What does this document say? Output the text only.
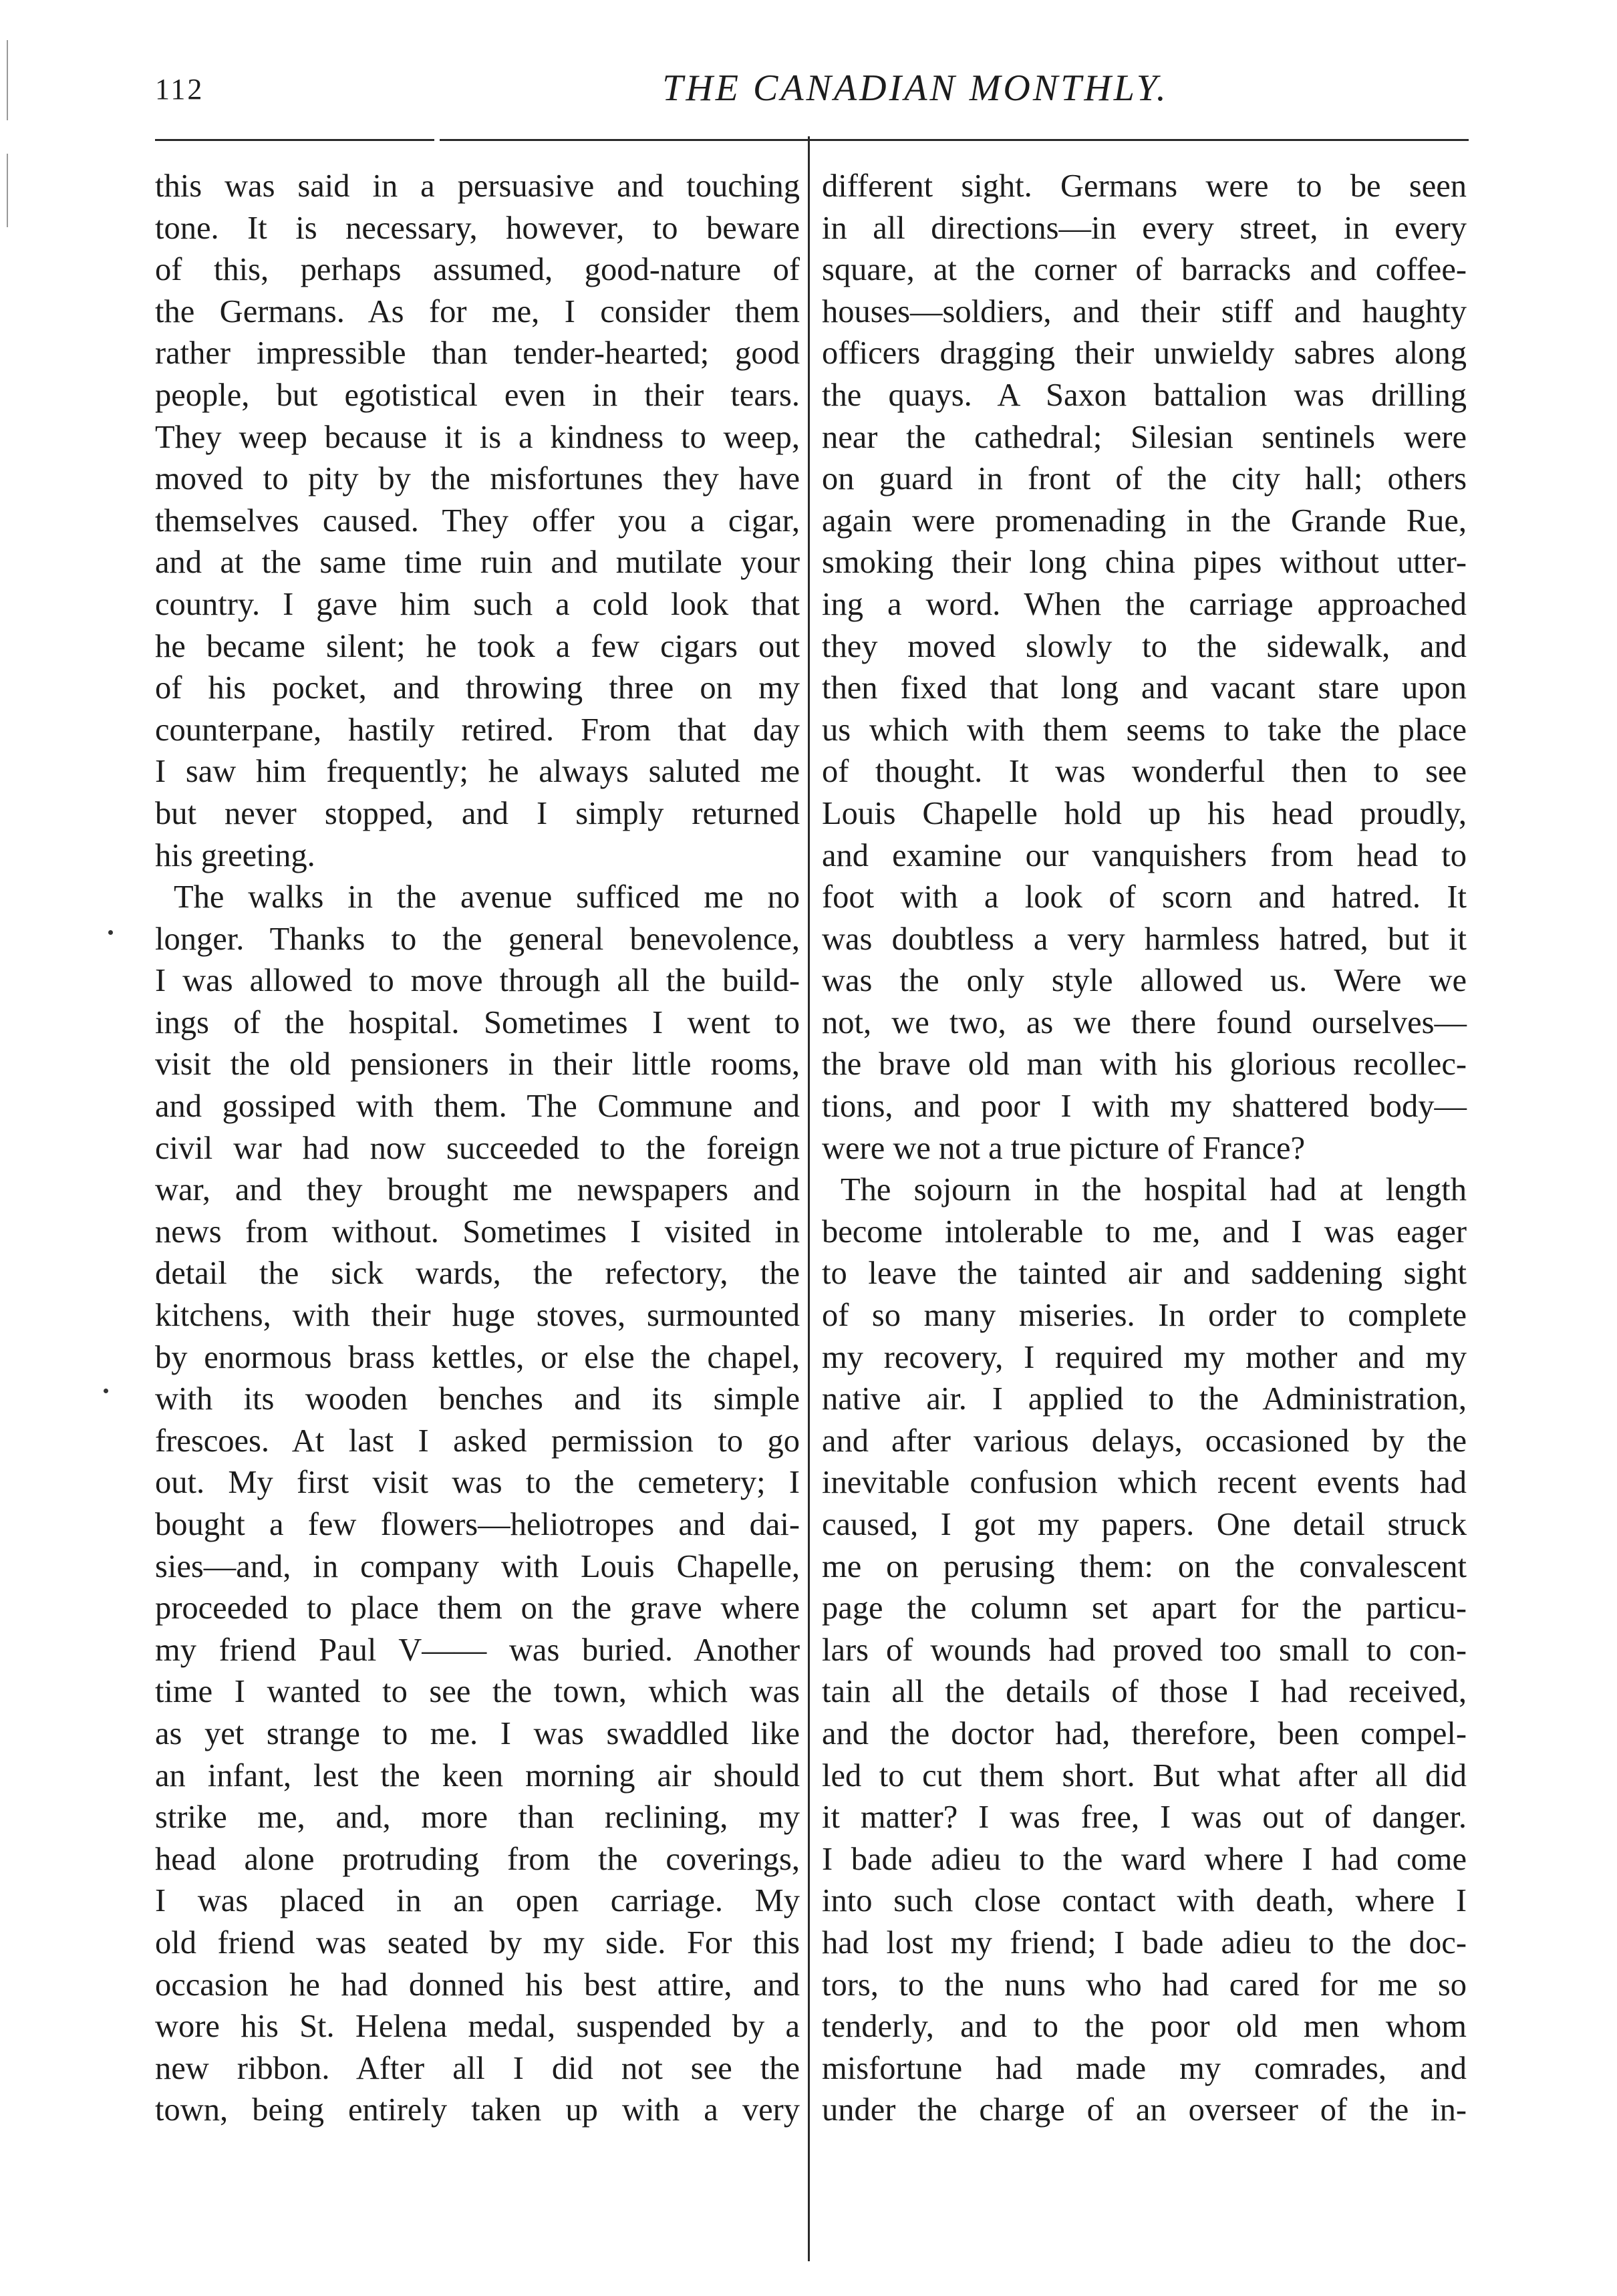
112	THE CANADIAN MONTHLY.
this was said in a persuasive and touching
tone. It is necessary, however, to beware
of this, perhaps assumed, good-nature of
the Germans. As for me, I consider them
rather impressible than tender-hearted; good
people, but egotistical even in their tears.
They weep because it is a kindness to weep,
moved to pity by the misfortunes they have
themselves caused. They offer you a cigar,
and at the same time ruin and mutilate your
country. I gave him such a cold look that
he became silent; he took a few cigars out
of his pocket, and throwing three on my
counterpane, hastily retired. From that day
I saw him frequently; he always saluted me
but never stopped, and I simply returned
his greeting.
The walks in the avenue sufficed me no
longer. Thanks to the general benevolence,
I was allowed to move through all the build-
ings of the hospital. Sometimes I went to
visit the old pensioners in their little rooms,
and gossiped with them. The Commune and
civil war had now succeeded to the foreign
war, and they brought me newspapers and
news from without. Sometimes I visited in
detail the sick wards, the refectory, the
kitchens, with their huge stoves, surmounted
by enormous brass kettles, or else the chapel,
with its wooden benches and its simple
frescoes. At last I asked permission to go
out. My first visit was to the cemetery; I
bought a few flowers—heliotropes and dai-
sies—and, in company with Louis Chapelle,
proceeded to place them on the grave where
my friend Paul V—— was buried. Another
time I wanted to see the town, which was
as yet strange to me. I was swaddled like
an infant, lest the keen morning air should
strike me, and, more than reclining, my
head alone protruding from the coverings,
I was placed in an open carriage. My
old friend was seated by my side. For this
occasion he had donned his best attire, and
wore his St. Helena medal, suspended by a
new ribbon. After all I did not see the
town, being entirely taken up with a very
different sight. Germans were to be seen
in all directions—in every street, in every
square, at the corner of barracks and coffee-
houses—soldiers, and their stiff and haughty
officers dragging their unwieldy sabres along
the quays. A Saxon battalion was drilling
near the cathedral; Silesian sentinels were
on guard in front of the city hall; others
again were promenading in the Grande Rue,
smoking their long china pipes without utter-
ing a word. When the carriage approached
they moved slowly to the sidewalk, and
then fixed that long and vacant stare upon
us which with them seems to take the place
of thought. It was wonderful then to see
Louis Chapelle hold up his head proudly,
and examine our vanquishers from head to
foot with a look of scorn and hatred. It
was doubtless a very harmless hatred, but it
was the only style allowed us. Were we
not, we two, as we there found ourselves—
the brave old man with his glorious recollec-
tions, and poor I with my shattered body—
were we not a true picture of France?
The sojourn in the hospital had at length
become intolerable to me, and I was eager
to leave the tainted air and saddening sight
of so many miseries. In order to complete
my recovery, I required my mother and my
native air. I applied to the Administration,
and after various delays, occasioned by the
inevitable confusion which recent events had
caused, I got my papers. One detail struck
me on perusing them: on the convalescent
page the column set apart for the particu-
lars of wounds had proved too small to con-
tain all the details of those I had received,
and the doctor had, therefore, been compel-
led to cut them short. But what after all did
it matter? I was free, I was out of danger.
I bade adieu to the ward where I had come
into such close contact with death, where I
had lost my friend; I bade adieu to the doc-
tors, to the nuns who had cared for me so
tenderly, and to the poor old men whom
misfortune had made my comrades, and
under the charge of an overseer of the in-
